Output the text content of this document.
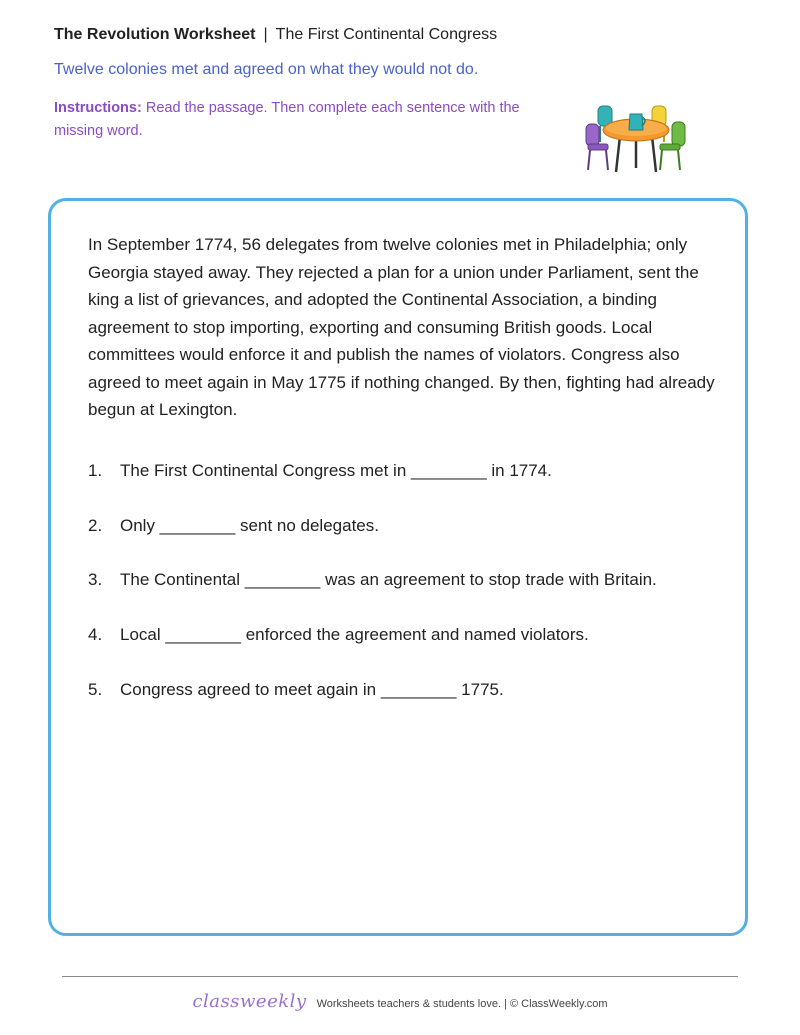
The Revolution Worksheet | The First Continental Congress
Twelve colonies met and agreed on what they would not do.
Instructions: Read the passage. Then complete each sentence with the missing word.
In September 1774, 56 delegates from twelve colonies met in Philadelphia; only Georgia stayed away. They rejected a plan for a union under Parliament, sent the king a list of grievances, and adopted the Continental Association, a binding agreement to stop importing, exporting and consuming British goods. Local committees would enforce it and publish the names of violators. Congress also agreed to meet again in May 1775 if nothing changed. By then, fighting had already begun at Lexington.
1. The First Continental Congress met in ________ in 1774.
2. Only ________ sent no delegates.
3. The Continental ________ was an agreement to stop trade with Britain.
4. Local ________ enforced the agreement and named violators.
5. Congress agreed to meet again in ________ 1775.
classweekly Worksheets teachers & students love. | © ClassWeekly.com
